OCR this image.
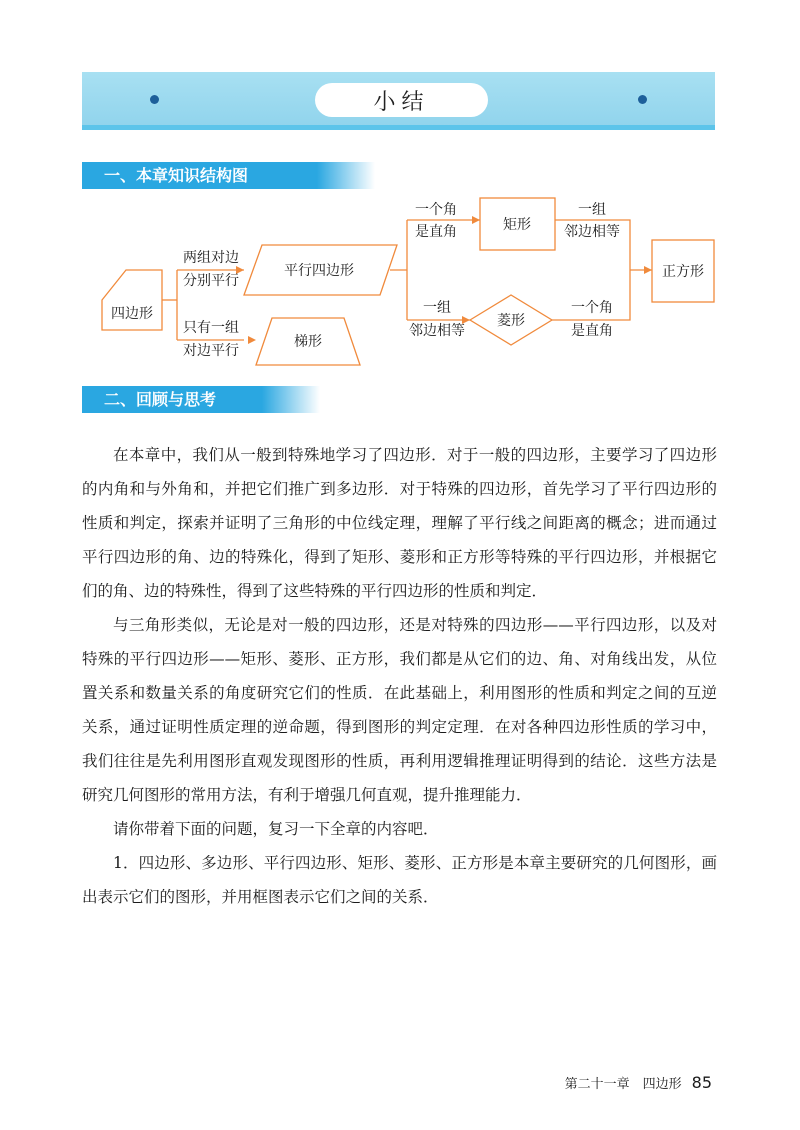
小结
一、本章知识结构图
四边形
平行四边形
梯形
矩形
菱形
正方形
两组对边
分别平行
只有一组
对边平行
一个角
是直角
一组
邻边相等
一组
邻边相等
一个角
是直角
二、回顾与思考

在本章中，我们从一般到特殊地学习了四边形．对于一般的四边形，主要学习了四边形的内角和与外角和，并把它们推广到多边形．对于特殊的四边形，首先学习了平行四边形的性质和判定，探索并证明了三角形的中位线定理，理解了平行线之间距离的概念；进而通过平行四边形的角、边的特殊化，得到了矩形、菱形和正方形等特殊的平行四边形，并根据它们的角、边的特殊性，得到了这些特殊的平行四边形的性质和判定．

与三角形类似，无论是对一般的四边形，还是对特殊的四边形——平行四边形，以及对特殊的平行四边形——矩形、菱形、正方形，我们都是从它们的边、角、对角线出发，从位置关系和数量关系的角度研究它们的性质．在此基础上，利用图形的性质和判定之间的互逆关系，通过证明性质定理的逆命题，得到图形的判定定理．在对各种四边形性质的学习中，我们往往是先利用图形直观发现图形的性质，再利用逻辑推理证明得到的结论．这些方法是研究几何图形的常用方法，有利于增强几何直观，提升推理能力．

请你带着下面的问题，复习一下全章的内容吧．

1．四边形、多边形、平行四边形、矩形、菱形、正方形是本章主要研究的几何图形，画出表示它们的图形，并用框图表示它们之间的关系．

第二十一章　四边形 85
